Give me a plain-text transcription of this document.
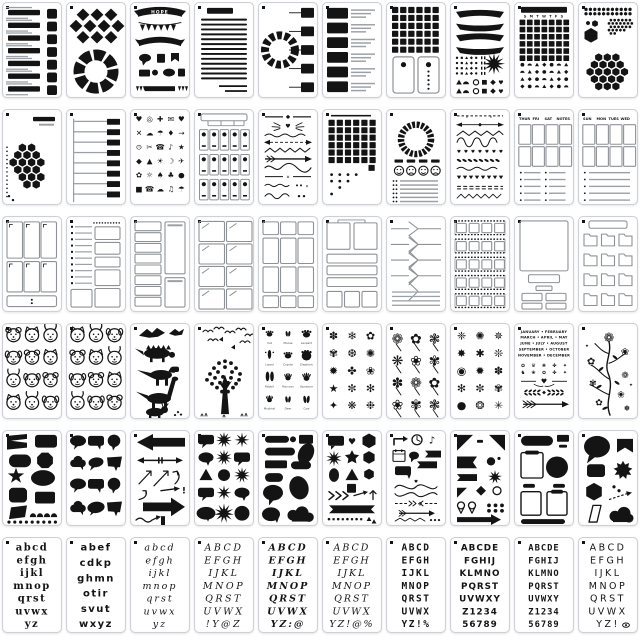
HOPE
♥
♥
S M T W T F S
♥ ◎ ✚ ✉ ♥
✕ ☁ ☂ ♦ →
⊙ ✂ ☎ ♪ ★
◆ ▲ ☀ ☽ ✈
✿ ☼ ♠ ♣ ●
■ ☎ ☁ ♫ ☂
♥
✕
✕
✕	✕
♥ ♥ ♥ ♥ ♥ ♥ ♥
THUR FRI SAT NOTES	SUN MON TUES WED
Cat	Moose	Leopard
Lizard	Coyote	Elephant
Rabbit	Raccoon Opossum
Muskrat	Deer	Cow
✽ ❄ ✿
✾ ❆ ✺
✹ ✤ ❀
★ ✼ ✻
✦ ❋ ❉
❁ ✿ ❃
❋ ❀ ✾
✽ ❁ ✿
❀ ✾ ❃
❈ ✺ ✵
✸ ✱ ❊
◉ ✹ ✽
✻ ✼ ✾
● ❂ ✳
JANUARY • FEBRUARY
MARCH • APRIL • MAY
JUNE • JULY • AUGUST
SEPTEMBER • OCTOBER
NOVEMBER • DECEMBER
✿ ♛ ❀ ✤ ✦
♞ ❀ ✿ ✤ ✦
♥
❁
✿
❀
✾
❁
✿
❀
✽
✦
✦
!
♥	♪
♥
✤
abcd
efgh
ijkl
mnop
qrst
uvwx
yz
abef
cdkp
ghmn
otir
svut
wxyz
abcd
efgh
ijkl
mnop
qrst
uvwx
yz
ABCD
EFGH
IJKL
MNOP
QRST
UVWX
!Y@Z
ABCD
EFGH
IJKL
MNOP
QRST
UVWX
YZ:@
ABCD
EFGH
IJKL
MNOP
QRST
UVWX
YZ!@%
ABCD
EFGH
IJKL
MNOP
QRST
UVWX
YZ!%
ABCDE
FGHIJ
KLMNO
PQRST
UVWXY
Z1234
56789
ABCDE
FGHIJ
KLMNO
PQRST
UVWXY
Z1234
56789
ABCD
EFGH
IJKL
MNOP
QRST
UVWX
YZ!
